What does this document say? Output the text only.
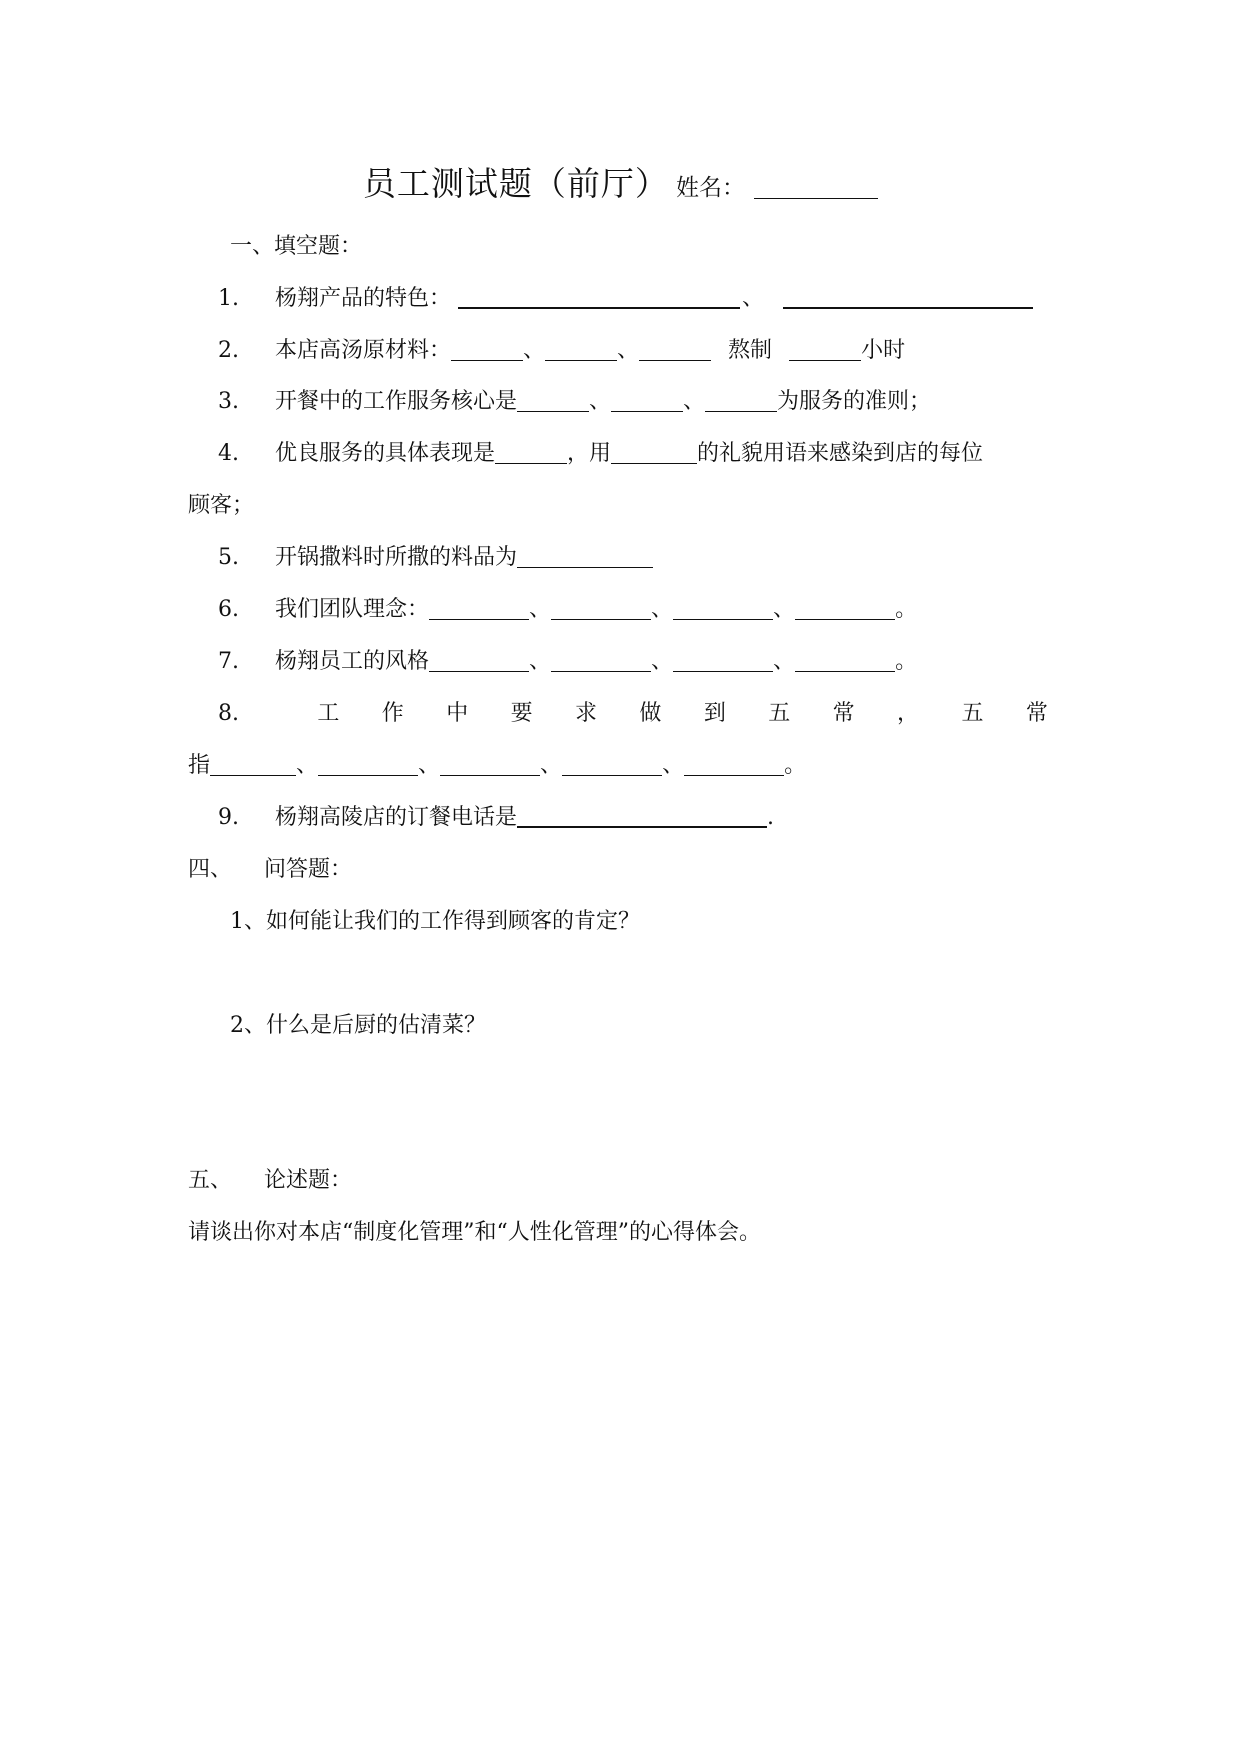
员工测试题（前厅） 姓名：
一、填空题：
1. 杨翔产品的特色：	、
2. 本店高汤原材料：	、	、	熬制	小时
3. 开餐中的工作服务核心是	、	、	为服务的准则；
4. 优良服务的具体表现是	，用	的礼貌用语来感染到店的每位
顾客；
5. 开锅撒料时所撒的料品为
6. 我们团队理念：	、	、	、	。
7. 杨翔员工的风格	、	、	、	。
8.	工 作 中 要 求 做 到 五 常 ， 五 常
指	、	、	、	、	。
9. 杨翔高陵店的订餐电话是	.
四、 问答题：
1、如何能让我们的工作得到顾客的肯定？
2、什么是后厨的估清菜？
五、 论述题：
请谈出你对本店“制度化管理”和“人性化管理”的心得体会。
